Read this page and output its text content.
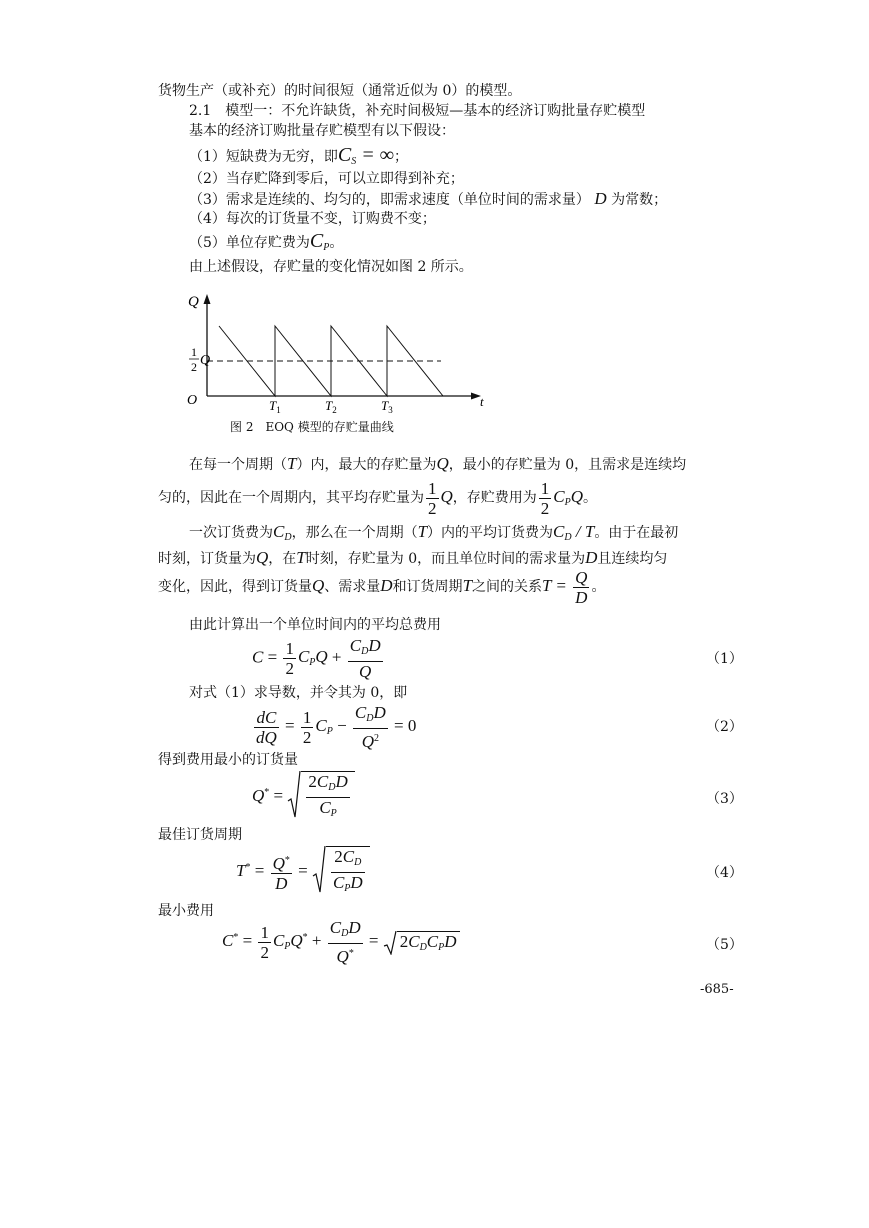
货物生产（或补充）的时间很短（通常近似为 0）的模型。
2.1　模型一：不允许缺货，补充时间极短—基本的经济订购批量存贮模型
基本的经济订购批量存贮模型有以下假设：
（1）短缺费为无穷，即$C_S$ = ∞；
（2）当存贮降到零后，可以立即得到补充；
（3）需求是连续的、均匀的，即需求速度（单位时间的需求量） D 为常数；
（4）每次的订货量不变，订购费不变；
（5）单位存贮费为$C_P$。
由上述假设，存贮量的变化情况如图 2 所示。
$T_1$	$T_2$	$T_3$
Q
t
O
1
2 Q
图 2　EOQ 模型的存贮量曲线
在每一个周期（T）内，最大的存贮量为Q，最小的存贮量为 0，且需求是连续均
匀的，因此在一个周期内，其平均存贮量为 $\frac{1}{2}$ Q，存贮费用为 $\frac{1}{2} C_PQ$。
一次订货费为$C_D$，那么在一个周期（T）内的平均订货费为$C_D$ / T。由于在最初
时刻，订货量为Q，在T时刻，存贮量为 0，而且单位时间的需求量为D且连续均匀
变化，因此，得到订货量Q、需求量D和订货周期T之间的关系$T = \frac{Q}{D}$ 。
由此计算出一个单位时间内的平均总费用
$C = \frac{1}{2} C_PQ + \frac{C_DD}{Q}$	（1）
对式（1）求导数，并令其为 0，即
$\frac{dC}{dQ} = \frac{1}{2} C_P - \frac{C_DD}{Q^2} = 0$	（2）
得到费用最小的订货量
$Q^* = \frac{2C_DD}{C_P}$	（3）
最佳订货周期
$T^* = \frac{Q^*}{D} = \frac{2C_D}{C_PD}$	（4）
最小费用
$C^* = \frac{1}{2} C_PQ^* + \frac{C_DD}{Q^*}$ =
$2C_DC_PD$	（5）
-685-
